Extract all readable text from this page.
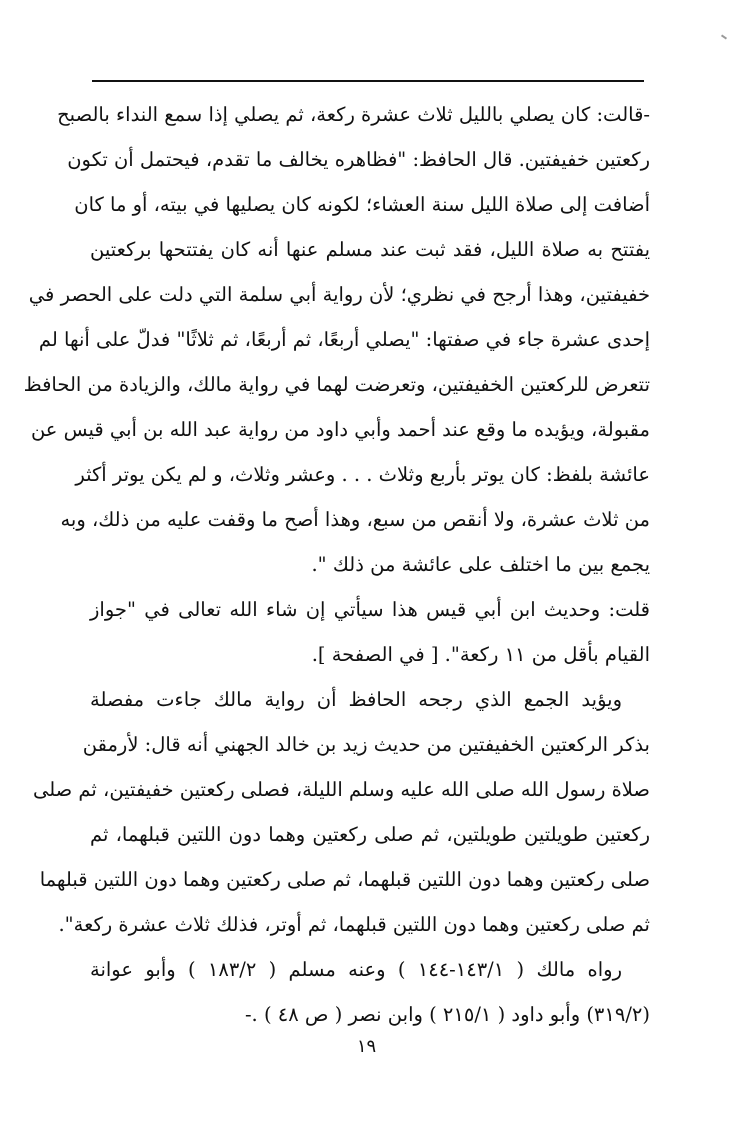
-قالت: كان يصلي بالليل ثلاث عشرة ركعة، ثم يصلي إذا سمع النداء بالصبح
ركعتين خفيفتين. قال الحافظ: "فظاهره يخالف ما تقدم، فيحتمل أن تكون
أضافت إلى صلاة الليل سنة العشاء؛ لكونه كان يصليها في بيته، أو ما كان
يفتتح به صلاة الليل، فقد ثبت عند مسلم عنها أنه كان يفتتحها بركعتين
خفيفتين، وهذا أرجح في نظري؛ لأن رواية أبي سلمة التي دلت على الحصر في
إحدى عشرة جاء في صفتها: "يصلي أربعًا، ثم أربعًا، ثم ثلاثًا" فدلّ على أنها لم
تتعرض للركعتين الخفيفتين، وتعرضت لهما في رواية مالك، والزيادة من الحافظ
مقبولة، ويؤيده ما وقع عند أحمد وأبي داود من رواية عبد الله بن أبي قيس عن
عائشة بلفظ: كان يوتر بأربع وثلاث . . . وعشر وثلاث، و لم يكن يوتر أكثر
من ثلاث عشرة، ولا أنقص من سبع، وهذا أصح ما وقفت عليه من ذلك، وبه
يجمع بين ما اختلف على عائشة من ذلك ".
قلت: وحديث ابن أبي قيس هذا سيأتي إن شاء الله تعالى في "جواز
القيام بأقل من ١١ ركعة". [ في الصفحة ].
ويؤيد الجمع الذي رجحه الحافظ أن رواية مالك جاءت مفصلة
بذكر الركعتين الخفيفتين من حديث زيد بن خالد الجهني أنه قال: لأرمقن
صلاة رسول الله صلى الله عليه وسلم الليلة، فصلى ركعتين خفيفتين، ثم صلى
ركعتين طويلتين طويلتين، ثم صلى ركعتين وهما دون اللتين قبلهما، ثم
صلى ركعتين وهما دون اللتين قبلهما، ثم صلى ركعتين وهما دون اللتين قبلهما
ثم صلى ركعتين وهما دون اللتين قبلهما، ثم أوتر، فذلك ثلاث عشرة ركعة".
رواه مالك ( ١٤٣/١-١٤٤ ) وعنه مسلم ( ١٨٣/٢ ) وأبو عوانة
(٣١٩/٢) وأبو داود ( ٢١٥/١ ) وابن نصر ( ص ٤٨ ) .-
١٩
